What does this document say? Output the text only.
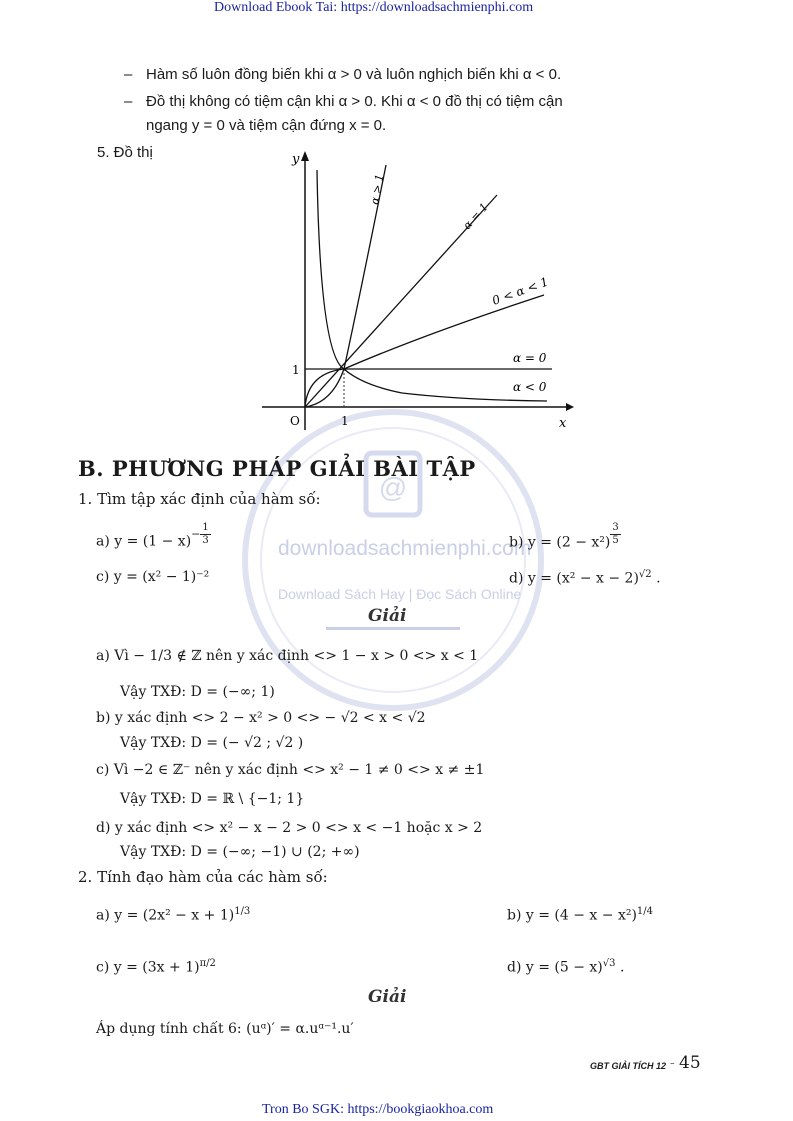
Download Ebook Tai: https://downloadsachmienphi.com
Tron Bo SGK: https://bookgiaokhoa.com
@
downloadsachmienphi.com
Download Sách Hay | Đọc Sách Online
– Hàm số luôn đồng biến khi α > 0 và luôn nghịch biến khi α < 0.
– Đồ thị không có tiệm cận khi α > 0. Khi α < 0 đồ thị có tiệm cận
ngang y = 0 và tiệm cận đứng x = 0.
5. Đồ thị	y
x
O	1
1
α > 1
α = 1
0 < α < 1
α = 0
α < 0
B. PHƯƠNG PHÁP GIẢI BÀI TẬP
1. Tìm tập xác định của hàm số:
a) $y = (1 - x)- \frac{1}{3}$	b) $y = (2 - x^2) \frac{3}{5}$
c) y = (x² − 1)⁻²	d) $y = (x^2 - x - 2)^{√2}$ .
Giải
a) Vì − 1/3 ∉ ℤ nên y xác định <> 1 − x > 0 <> x < 1
Vậy TXĐ: D = (−∞; 1)
b) y xác định <> 2 − x² > 0 <> − √2 < x < √2
Vậy TXĐ: D = (− √2 ; √2 )
c) Vì −2 ∈ ℤ⁻ nên y xác định <> x² − 1 ≠ 0 <> x ≠ ±1
Vậy TXĐ: D = ℝ \ {−1; 1}
d) y xác định <> x² − x − 2 > 0 <> x < −1 hoặc x > 2
Vậy TXĐ: D = (−∞; −1) ∪ (2; +∞)
2. Tính đạo hàm của các hàm số:
a) $y = (2x^2 - x + 1)^{1/3}$	b) $y = (4 - x - x^2)^{1/4}$
c) $y = (3x + 1)^{\pi/2}$	d) $y = (5 - x)^{√3}$ .
Giải
Áp dụng tính chất 6: (uᵅ)′ = α.uᵅ⁻¹.u′
GBT GIẢI TÍCH 12 – 45
